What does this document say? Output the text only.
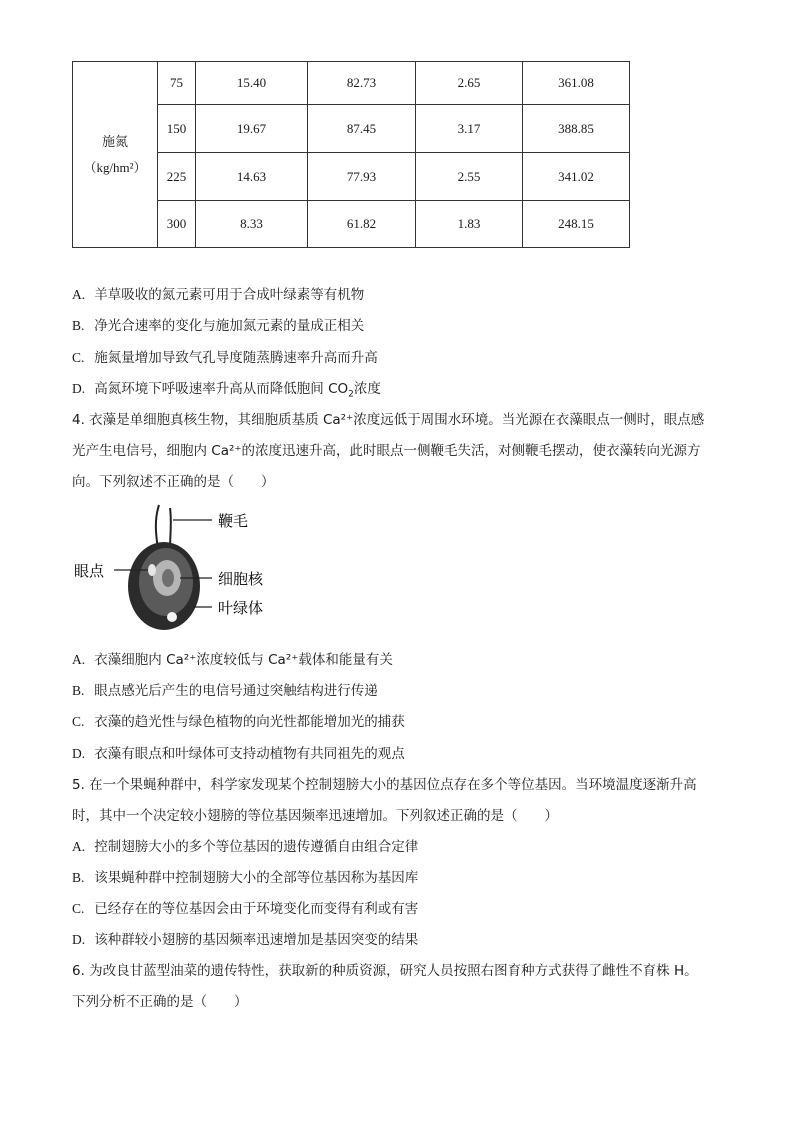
施氮
（kg/hm²）	75	15.40	82.73	2.65	361.08
	150	19.67	87.45	3.17	388.85
	225	14.63	77.93	2.55	341.02
	300	8.33	61.82	1.83	248.15

A. 羊草吸收的氮元素可用于合成叶绿素等有机物

B. 净光合速率的变化与施加氮元素的量成正相关

C. 施氮量增加导致气孔导度随蒸腾速率升高而升高

D. 高氮环境下呼吸速率升高从而降低胞间 $CO_2$浓度

4. 衣藻是单细胞真核生物，其细胞质基质 Ca²⁺浓度远低于周围水环境。当光源在衣藻眼点一侧时，眼点感

光产生电信号，细胞内 Ca²⁺的浓度迅速升高，此时眼点一侧鞭毛失活，对侧鞭毛摆动，使衣藻转向光源方

向。下列叙述不正确的是（　　）

鞭毛
眼点	细胞核
叶绿体

A. 衣藻细胞内 Ca²⁺浓度较低与 Ca²⁺载体和能量有关

B. 眼点感光后产生的电信号通过突触结构进行传递

C. 衣藻的趋光性与绿色植物的向光性都能增加光的捕获

D. 衣藻有眼点和叶绿体可支持动植物有共同祖先的观点

5. 在一个果蝇种群中，科学家发现某个控制翅膀大小的基因位点存在多个等位基因。当环境温度逐渐升高

时，其中一个决定较小翅膀的等位基因频率迅速增加。下列叙述正确的是（　　）

A. 控制翅膀大小的多个等位基因的遗传遵循自由组合定律

B. 该果蝇种群中控制翅膀大小的全部等位基因称为基因库

C. 已经存在的等位基因会由于环境变化而变得有利或有害

D. 该种群较小翅膀的基因频率迅速增加是基因突变的结果

6. 为改良甘蓝型油菜的遗传特性，获取新的种质资源，研究人员按照右图育种方式获得了雌性不育株 H。

下列分析不正确的是（　　）
